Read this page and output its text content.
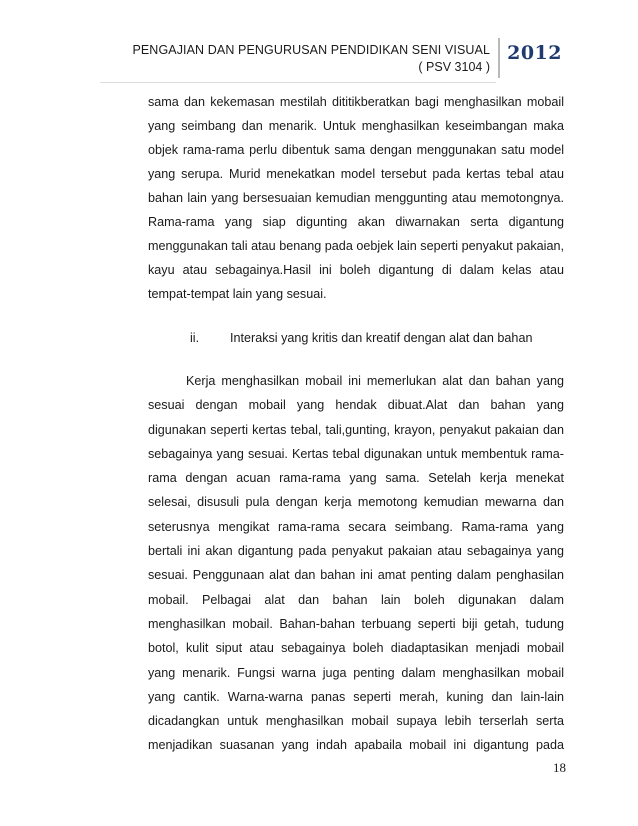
PENGAJIAN DAN PENGURUSAN PENDIDIKAN SENI VISUAL
( PSV 3104 )
2012

sama dan kekemasan mestilah dititikberatkan bagi menghasilkan mobail
yang seimbang dan menarik. Untuk menghasilkan keseimbangan maka
objek rama-rama perlu dibentuk sama dengan menggunakan satu model
yang serupa. Murid menekatkan model tersebut pada kertas tebal atau
bahan lain yang bersesuaian kemudian menggunting atau memotongnya.
Rama-rama yang siap digunting akan diwarnakan serta digantung
menggunakan tali atau benang pada oebjek lain seperti penyakut pakaian,
kayu atau sebagainya.Hasil ini boleh digantung di dalam kelas atau
tempat-tempat lain yang sesuai.

ii. Interaksi yang kritis dan kreatif dengan alat dan bahan
Kerja menghasilkan mobail ini memerlukan alat dan bahan yang
sesuai dengan mobail yang hendak dibuat.Alat dan bahan yang
digunakan seperti kertas tebal, tali,gunting, krayon, penyakut pakaian dan
sebagainya yang sesuai. Kertas tebal digunakan untuk membentuk rama-
rama dengan acuan rama-rama yang sama. Setelah kerja menekat
selesai, disusuli pula dengan kerja memotong kemudian mewarna dan
seterusnya mengikat rama-rama secara seimbang. Rama-rama yang
bertali ini akan digantung pada penyakut pakaian atau sebagainya yang
sesuai. Penggunaan alat dan bahan ini amat penting dalam penghasilan
mobail. Pelbagai alat dan bahan lain boleh digunakan dalam
menghasilkan mobail. Bahan-bahan terbuang seperti biji getah, tudung
botol, kulit siput atau sebagainya boleh diadaptasikan menjadi mobail
yang menarik. Fungsi warna juga penting dalam menghasilkan mobail
yang cantik. Warna-warna panas seperti merah, kuning dan lain-lain
dicadangkan untuk menghasilkan mobail supaya lebih terserlah serta
menjadikan suasanan yang indah apabaila mobail ini digantung pada
18
